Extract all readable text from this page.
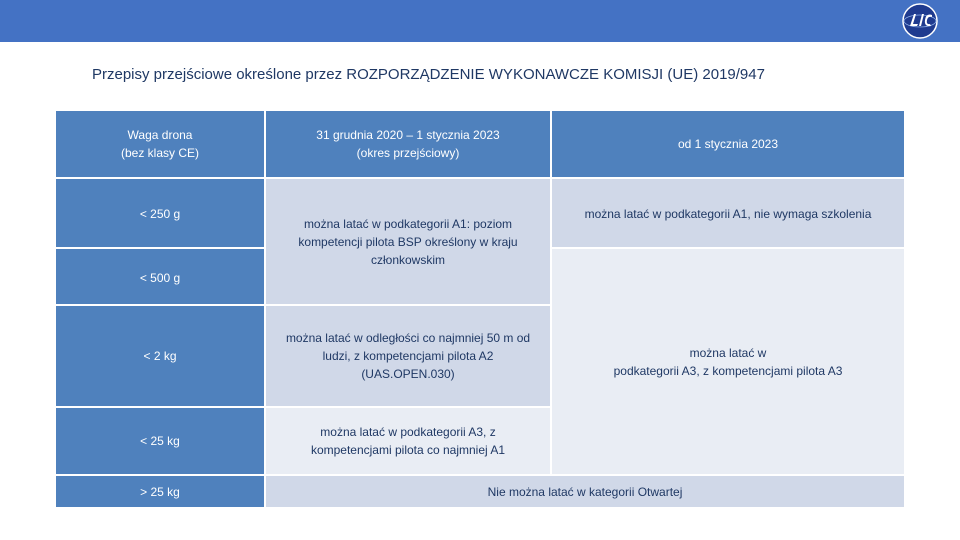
Przepisy przejściowe określone przez ROZPORZĄDZENIE WYKONAWCZE KOMISJI (UE) 2019/947
Waga drona
(bez klasy CE)
31 grudnia 2020 – 1 stycznia 2023
(okres przejściowy)
od 1 stycznia 2023
< 250 g
< 500 g
< 2 kg
< 25 kg
> 25 kg
można latać w podkategorii A1: poziom kompetencji pilota BSP określony w kraju członkowskim
można latać w odległości co najmniej 50 m od ludzi, z kompetencjami pilota A2 (UAS.OPEN.030)
można latać w podkategorii A3, z kompetencjami pilota co najmniej A1
można latać w podkategorii A1, nie wymaga szkolenia
można latać w
podkategorii A3, z kompetencjami pilota A3
Nie można latać w kategorii Otwartej
